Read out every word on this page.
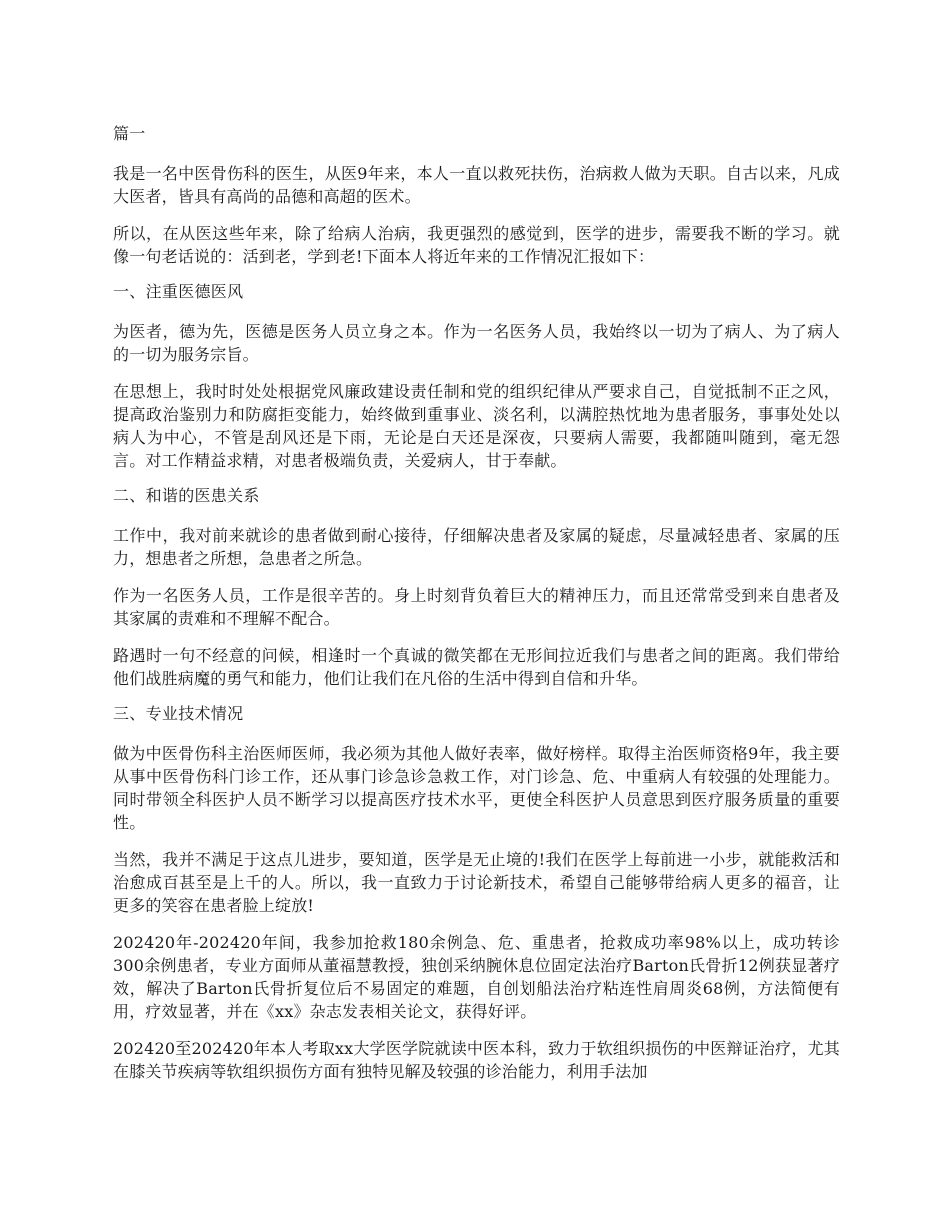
篇一

我是一名中医骨伤科的医生，从医9年来，本人一直以救死扶伤，治病救人做为天职。自古以来，凡成大医者，皆具有高尚的品德和高超的医术。

所以，在从医这些年来，除了给病人治病，我更强烈的感觉到，医学的进步，需要我不断的学习。就像一句老话说的：活到老，学到老!下面本人将近年来的工作情况汇报如下：

一、注重医德医风

为医者，德为先，医德是医务人员立身之本。作为一名医务人员，我始终以一切为了病人、为了病人的一切为服务宗旨。

在思想上，我时时处处根据党风廉政建设责任制和党的组织纪律从严要求自己，自觉抵制不正之风，提高政治鉴别力和防腐拒变能力，始终做到重事业、淡名利，以满腔热忱地为患者服务，事事处处以病人为中心，不管是刮风还是下雨，无论是白天还是深夜，只要病人需要，我都随叫随到，毫无怨言。对工作精益求精，对患者极端负责，关爱病人，甘于奉献。

二、和谐的医患关系

工作中，我对前来就诊的患者做到耐心接待，仔细解决患者及家属的疑虑，尽量减轻患者、家属的压力，想患者之所想，急患者之所急。

作为一名医务人员，工作是很辛苦的。身上时刻背负着巨大的精神压力，而且还常常受到来自患者及其家属的责难和不理解不配合。

路遇时一句不经意的问候，相逢时一个真诚的微笑都在无形间拉近我们与患者之间的距离。我们带给他们战胜病魔的勇气和能力，他们让我们在凡俗的生活中得到自信和升华。

三、专业技术情况

做为中医骨伤科主治医师医师，我必须为其他人做好表率，做好榜样。取得主治医师资格9年，我主要从事中医骨伤科门诊工作，还从事门诊急诊急救工作，对门诊急、危、中重病人有较强的处理能力。同时带领全科医护人员不断学习以提高医疗技术水平，更使全科医护人员意思到医疗服务质量的重要性。

当然，我并不满足于这点儿进步，要知道，医学是无止境的!我们在医学上每前进一小步，就能救活和治愈成百甚至是上千的人。所以，我一直致力于讨论新技术，希望自己能够带给病人更多的福音，让更多的笑容在患者脸上绽放!

202420年-202420年间，我参加抢救180余例急、危、重患者，抢救成功率98%以上，成功转诊300余例患者，专业方面师从董福慧教授，独创采纳腕休息位固定法治疗Barton氏骨折12例获显著疗效，解决了Barton氏骨折复位后不易固定的难题，自创划船法治疗粘连性肩周炎68例，方法简便有用，疗效显著，并在《xx》杂志发表相关论文，获得好评。

202420至202420年本人考取xx大学医学院就读中医本科，致力于软组织损伤的中医辩证治疗，尤其在膝关节疾病等软组织损伤方面有独特见解及较强的诊治能力，利用手法加
